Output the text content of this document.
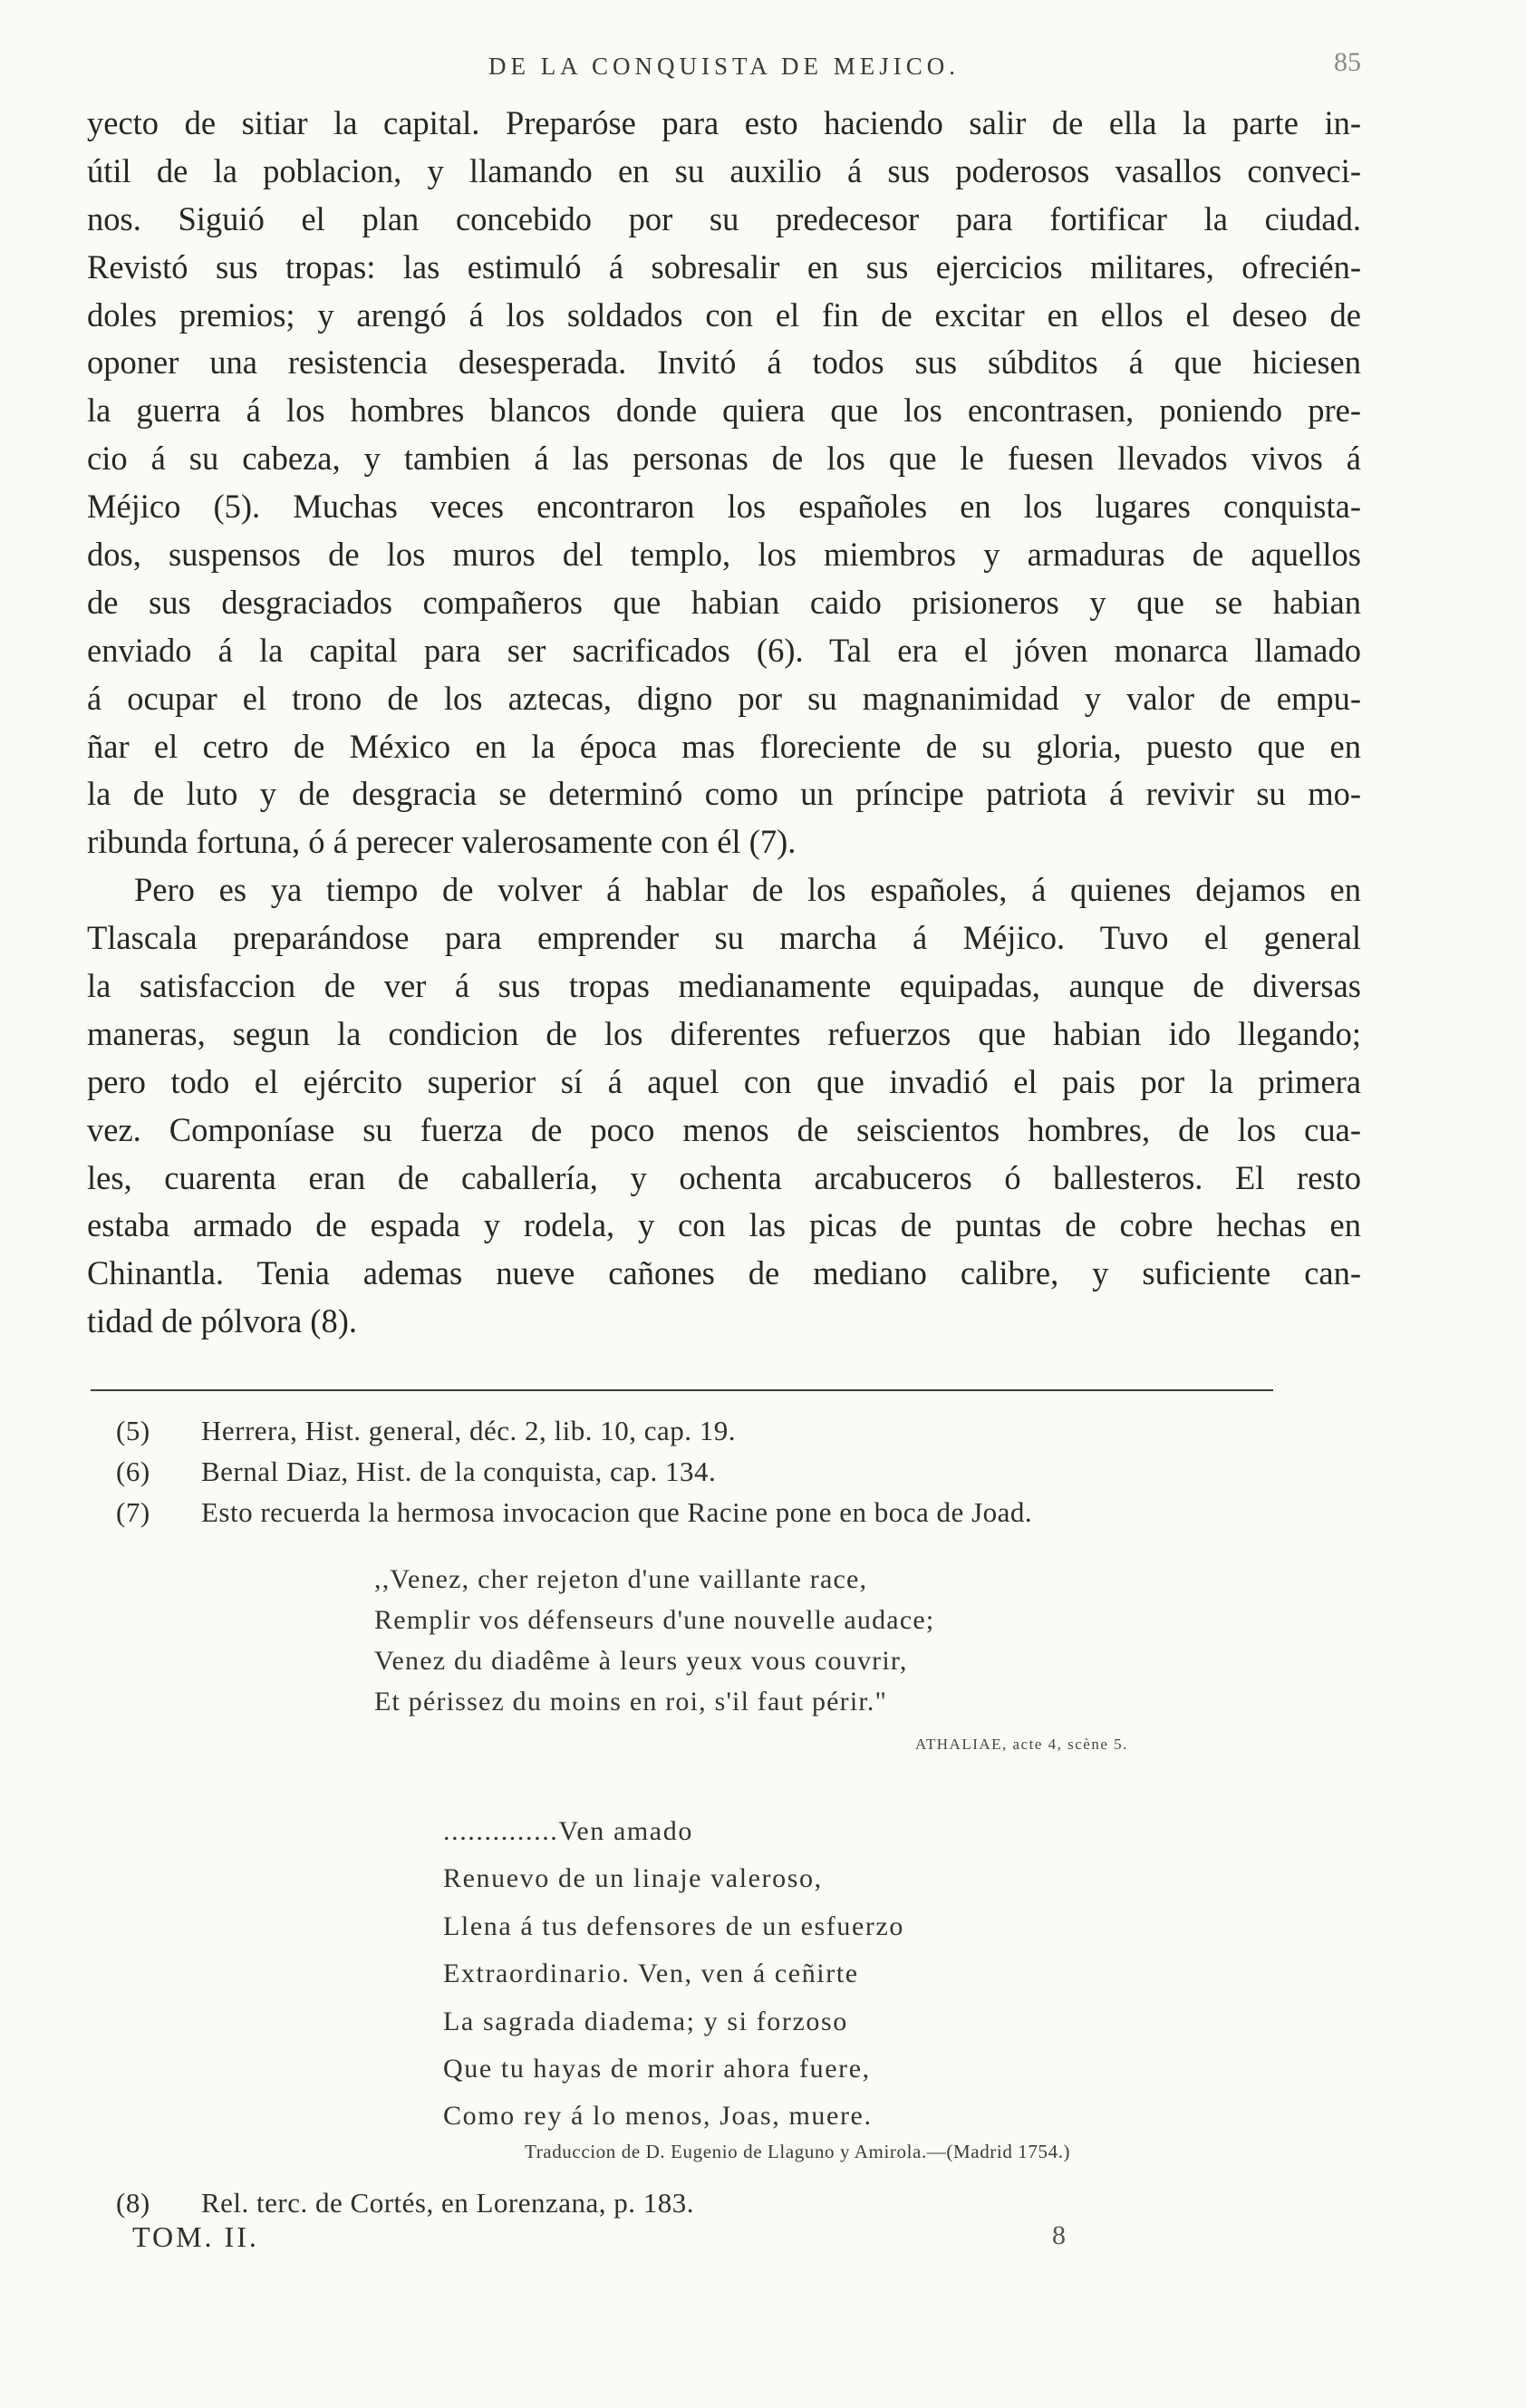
DE LA CONQUISTA DE MEJICO.	85
yecto de sitiar la capital. Preparóse para esto haciendo salir de ella la parte in-
útil de la poblacion, y llamando en su auxilio á sus poderosos vasallos conveci-
nos. Siguió el plan concebido por su predecesor para fortificar la ciudad.
Revistó sus tropas: las estimuló á sobresalir en sus ejercicios militares, ofrecién-
doles premios; y arengó á los soldados con el fin de excitar en ellos el deseo de
oponer una resistencia desesperada. Invitó á todos sus súbditos á que hiciesen
la guerra á los hombres blancos donde quiera que los encontrasen, poniendo pre-
cio á su cabeza, y tambien á las personas de los que le fuesen llevados vivos á
Méjico (5). Muchas veces encontraron los españoles en los lugares conquista-
dos, suspensos de los muros del templo, los miembros y armaduras de aquellos
de sus desgraciados compañeros que habian caido prisioneros y que se habian
enviado á la capital para ser sacrificados (6). Tal era el jóven monarca llamado
á ocupar el trono de los aztecas, digno por su magnanimidad y valor de empu-
ñar el cetro de México en la época mas floreciente de su gloria, puesto que en
la de luto y de desgracia se determinó como un príncipe patriota á revivir su mo-
ribunda fortuna, ó á perecer valerosamente con él (7).
Pero es ya tiempo de volver á hablar de los españoles, á quienes dejamos en
Tlascala preparándose para emprender su marcha á Méjico. Tuvo el general
la satisfaccion de ver á sus tropas medianamente equipadas, aunque de diversas
maneras, segun la condicion de los diferentes refuerzos que habian ido llegando;
pero todo el ejército superior sí á aquel con que invadió el pais por la primera
vez. Componíase su fuerza de poco menos de seiscientos hombres, de los cua-
les, cuarenta eran de caballería, y ochenta arcabuceros ó ballesteros. El resto
estaba armado de espada y rodela, y con las picas de puntas de cobre hechas en
Chinantla. Tenia ademas nueve cañones de mediano calibre, y suficiente can-
tidad de pólvora (8).
(5) Herrera, Hist. general, déc. 2, lib. 10, cap. 19.
(6) Bernal Diaz, Hist. de la conquista, cap. 134.
(7) Esto recuerda la hermosa invocacion que Racine pone en boca de Joad.
,,Venez, cher rejeton d'une vaillante race,
Remplir vos défenseurs d'une nouvelle audace;
Venez du diadême à leurs yeux vous couvrir,
Et périssez du moins en roi, s'il faut périr."
ATHALIAE, acte 4, scène 5.
..............Ven amado
Renuevo de un linaje valeroso,
Llena á tus defensores de un esfuerzo
Extraordinario. Ven, ven á ceñirte
La sagrada diadema; y si forzoso
Que tu hayas de morir ahora fuere,
Como rey á lo menos, Joas, muere.
Traduccion de D. Eugenio de Llaguno y Amirola.—(Madrid 1754.)
(8) Rel. terc. de Cortés, en Lorenzana, p. 183.
TOM. II.	8
